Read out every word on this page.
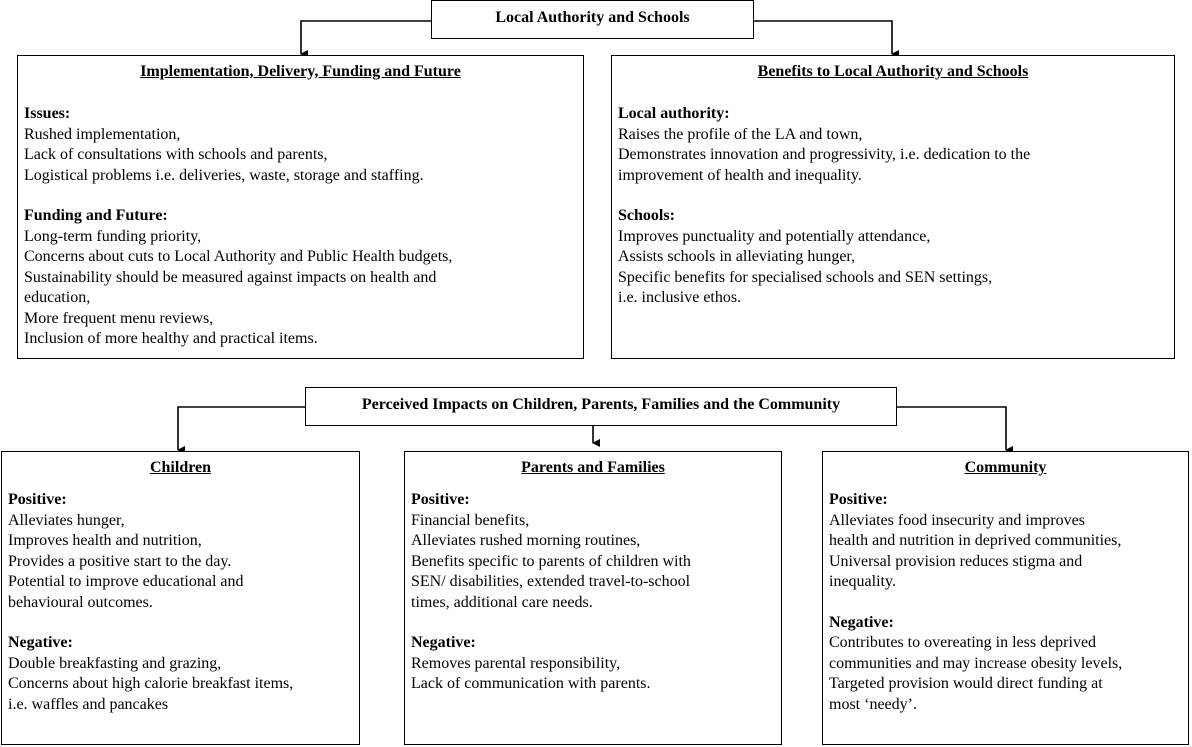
Local Authority and Schools
Implementation, Delivery, Funding and Future
Issues:
Rushed implementation,
Lack of consultations with schools and parents,
Logistical problems i.e. deliveries, waste, storage and staffing.
Funding and Future:
Long-term funding priority,
Concerns about cuts to Local Authority and Public Health budgets,
Sustainability should be measured against impacts on health and
education,
More frequent menu reviews,
Inclusion of more healthy and practical items.
Benefits to Local Authority and Schools
Local authority:
Raises the profile of the LA and town,
Demonstrates innovation and progressivity, i.e. dedication to the
improvement of health and inequality.
Schools:
Improves punctuality and potentially attendance,
Assists schools in alleviating hunger,
Specific benefits for specialised schools and SEN settings,
i.e. inclusive ethos.
Perceived Impacts on Children, Parents, Families and the Community
Children
Positive:
Alleviates hunger,
Improves health and nutrition,
Provides a positive start to the day.
Potential to improve educational and
behavioural outcomes.
Negative:
Double breakfasting and grazing,
Concerns about high calorie breakfast items,
i.e. waffles and pancakes
Parents and Families
Positive:
Financial benefits,
Alleviates rushed morning routines,
Benefits specific to parents of children with
SEN/ disabilities, extended travel-to-school
times, additional care needs.
Negative:
Removes parental responsibility,
Lack of communication with parents.
Community
Positive:
Alleviates food insecurity and improves
health and nutrition in deprived communities,
Universal provision reduces stigma and
inequality.
Negative:
Contributes to overeating in less deprived
communities and may increase obesity levels,
Targeted provision would direct funding at
most ‘needy’.
